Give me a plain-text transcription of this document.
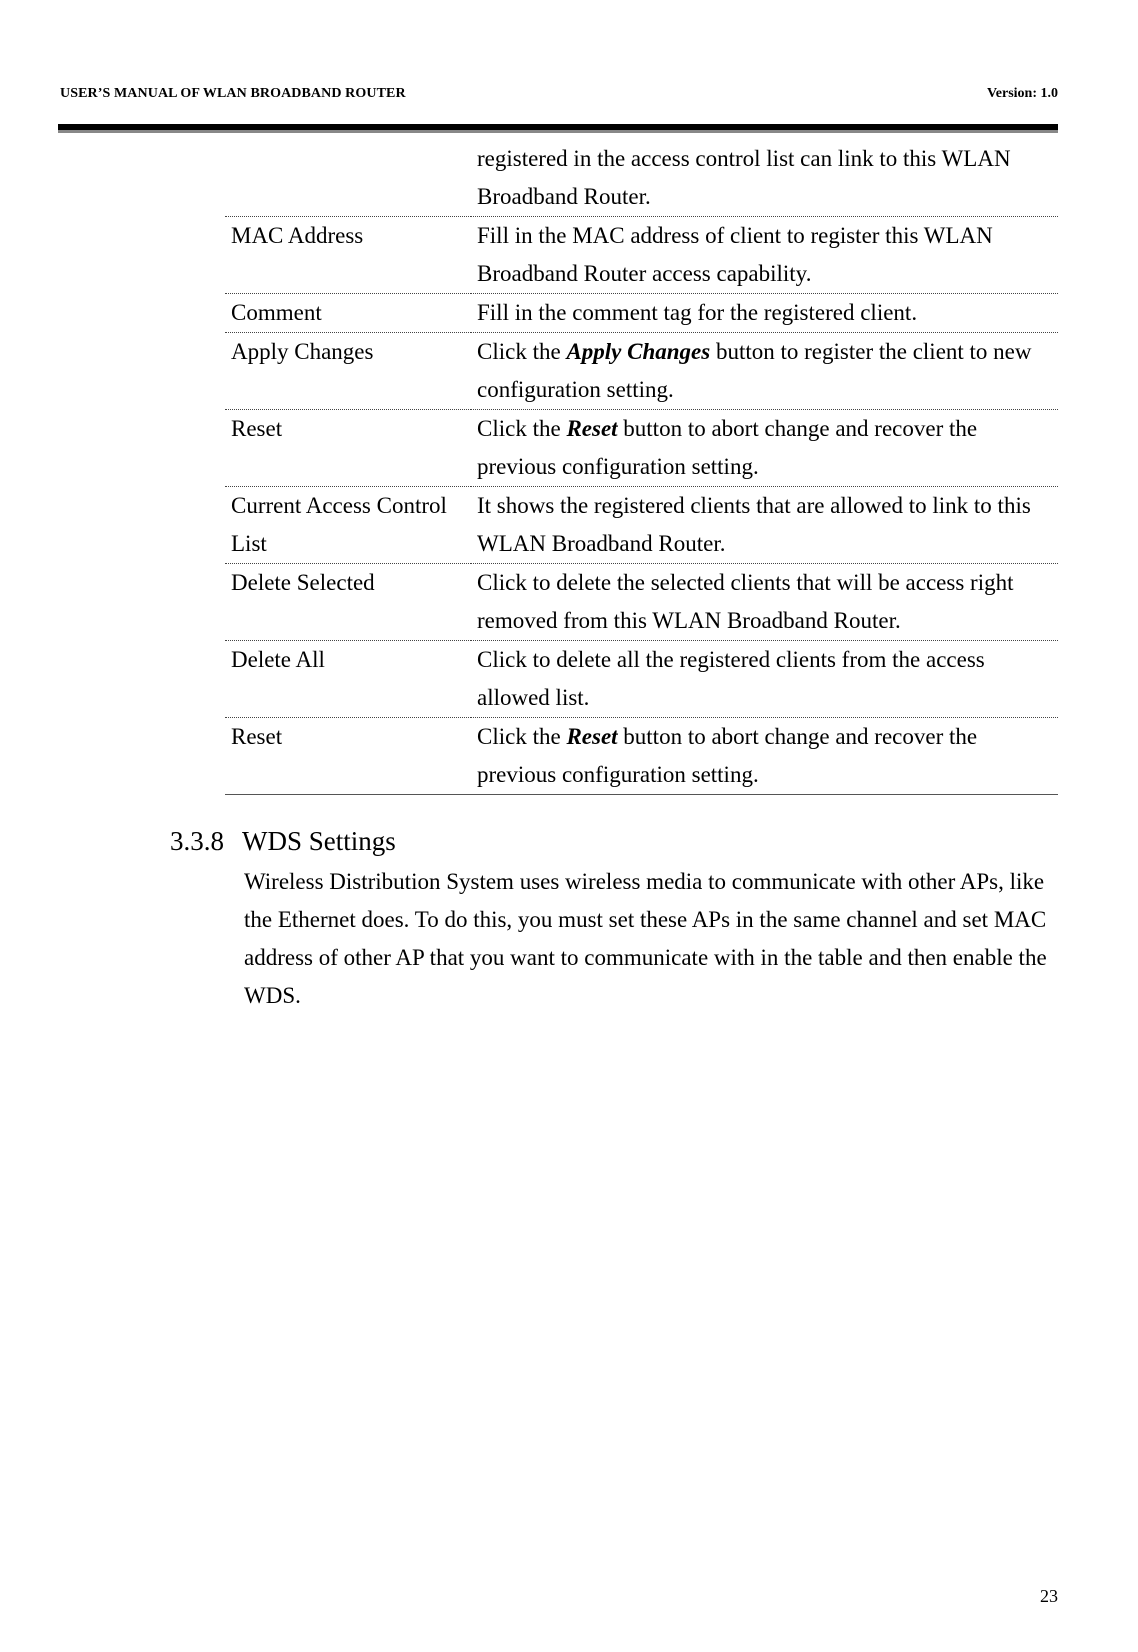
USER’S MANUAL OF WLAN BROADBAND ROUTER	Version: 1.0
	registered in the access control list can link to this WLAN Broadband Router.
MAC Address	Fill in the MAC address of client to register this WLAN Broadband Router access capability.
Comment	Fill in the comment tag for the registered client.
Apply Changes	Click the Apply Changes button to register the client to new configuration setting.
Reset	Click the Reset button to abort change and recover the previous configuration setting.
Current Access Control List	It shows the registered clients that are allowed to link to this WLAN Broadband Router.
Delete Selected	Click to delete the selected clients that will be access right removed from this WLAN Broadband Router.
Delete All	Click to delete all the registered clients from the access allowed list.
Reset	Click the Reset button to abort change and recover the previous configuration setting.
3.3.8 WDS Settings
Wireless Distribution System uses wireless media to communicate with other APs, like the Ethernet does. To do this, you must set these APs in the same channel and set MAC address of other AP that you want to communicate with in the table and then enable the WDS.
23
